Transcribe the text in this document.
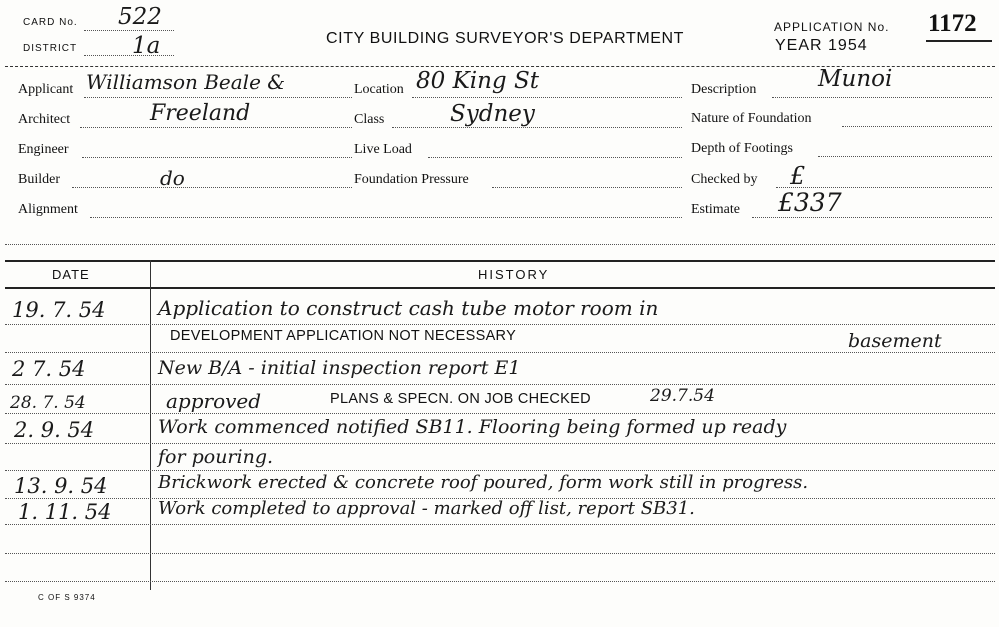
CARD No. 522
DISTRICT 1a	CITY BUILDING SURVEYOR'S DEPARTMENT
APPLICATION No. 1172
YEAR 1954
Applicant Williamson Beale &
Architect	Freeland
Engineer
Builder	do
Alignment
Location 80 King St
Class	Sydney
Live Load
Foundation Pressure
Description	Munoi
Nature of Foundation
Depth of Footings
Checked by £
Estimate £337
DATE	HISTORY
19. 7. 54	Application to construct cash tube motor room in
basement
DEVELOPMENT APPLICATION NOT NECESSARY
2 7. 54	New B/A - initial inspection report E1
28. 7. 54	approved	PLANS & SPECN. ON JOB CHECKED	29.7.54
2. 9. 54	Work commenced notified SB11. Flooring being formed up ready
for pouring.
13. 9. 54	Brickwork erected & concrete roof poured, form work still in progress.
1. 11. 54	Work completed to approval - marked off list, report SB31.
C OF S 9374
